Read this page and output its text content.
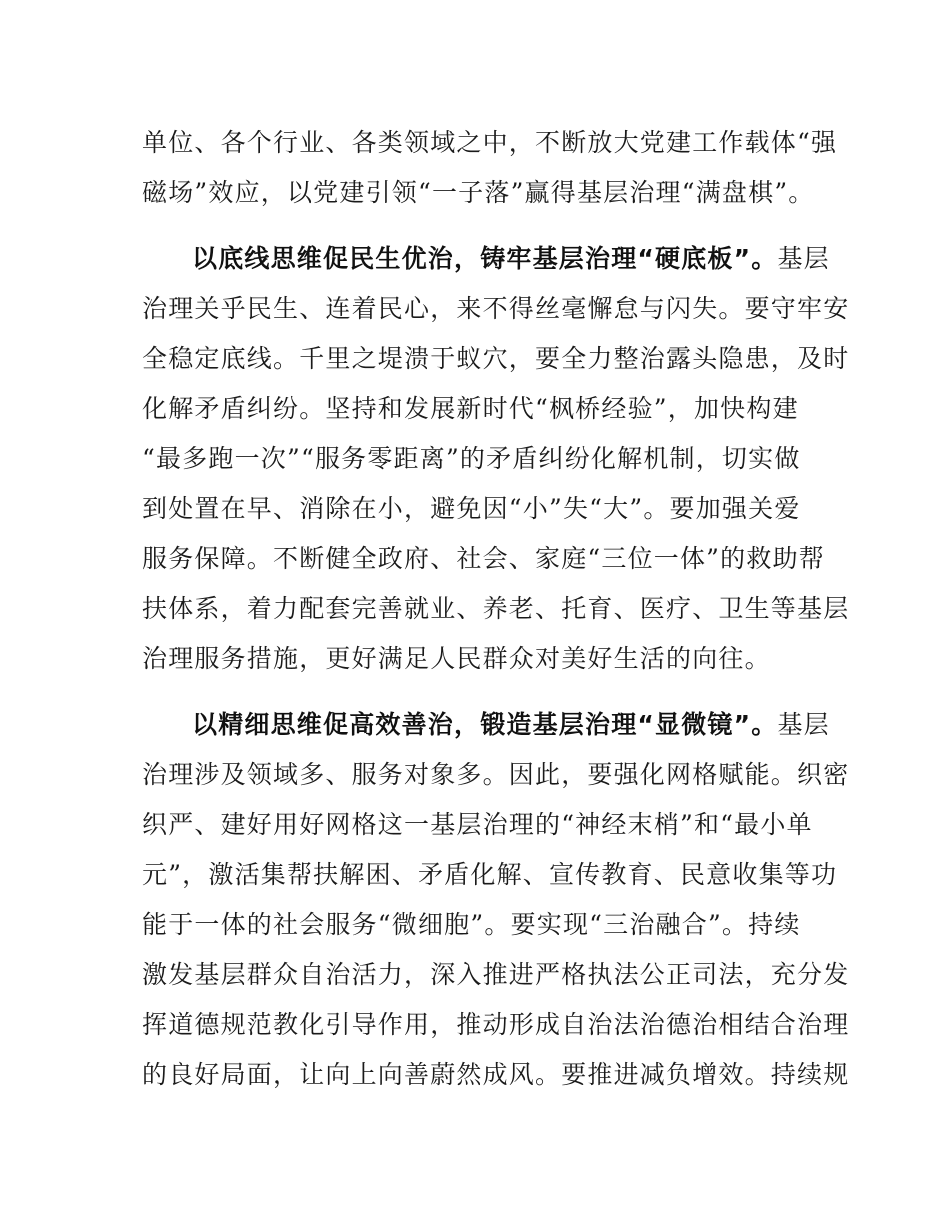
单位、各个行业、各类领域之中，不断放大党建工作载体“强
磁场”效应，以党建引领“一子落”赢得基层治理“满盘棋”。
以底线思维促民生优治，铸牢基层治理“硬底板”。基层
治理关乎民生、连着民心，来不得丝毫懈怠与闪失。要守牢安
全稳定底线。千里之堤溃于蚁穴，要全力整治露头隐患，及时
化解矛盾纠纷。坚持和发展新时代“枫桥经验”，加快构建
“最多跑一次”“服务零距离”的矛盾纠纷化解机制，切实做
到处置在早、消除在小，避免因“小”失“大”。要加强关爱
服务保障。不断健全政府、社会、家庭“三位一体”的救助帮
扶体系，着力配套完善就业、养老、托育、医疗、卫生等基层
治理服务措施，更好满足人民群众对美好生活的向往。
以精细思维促高效善治，锻造基层治理“显微镜”。基层
治理涉及领域多、服务对象多。因此，要强化网格赋能。织密
织严、建好用好网格这一基层治理的“神经末梢”和“最小单
元”，激活集帮扶解困、矛盾化解、宣传教育、民意收集等功
能于一体的社会服务“微细胞”。要实现“三治融合”。持续
激发基层群众自治活力，深入推进严格执法公正司法，充分发
挥道德规范教化引导作用，推动形成自治法治德治相结合治理
的良好局面，让向上向善蔚然成风。要推进减负增效。持续规
